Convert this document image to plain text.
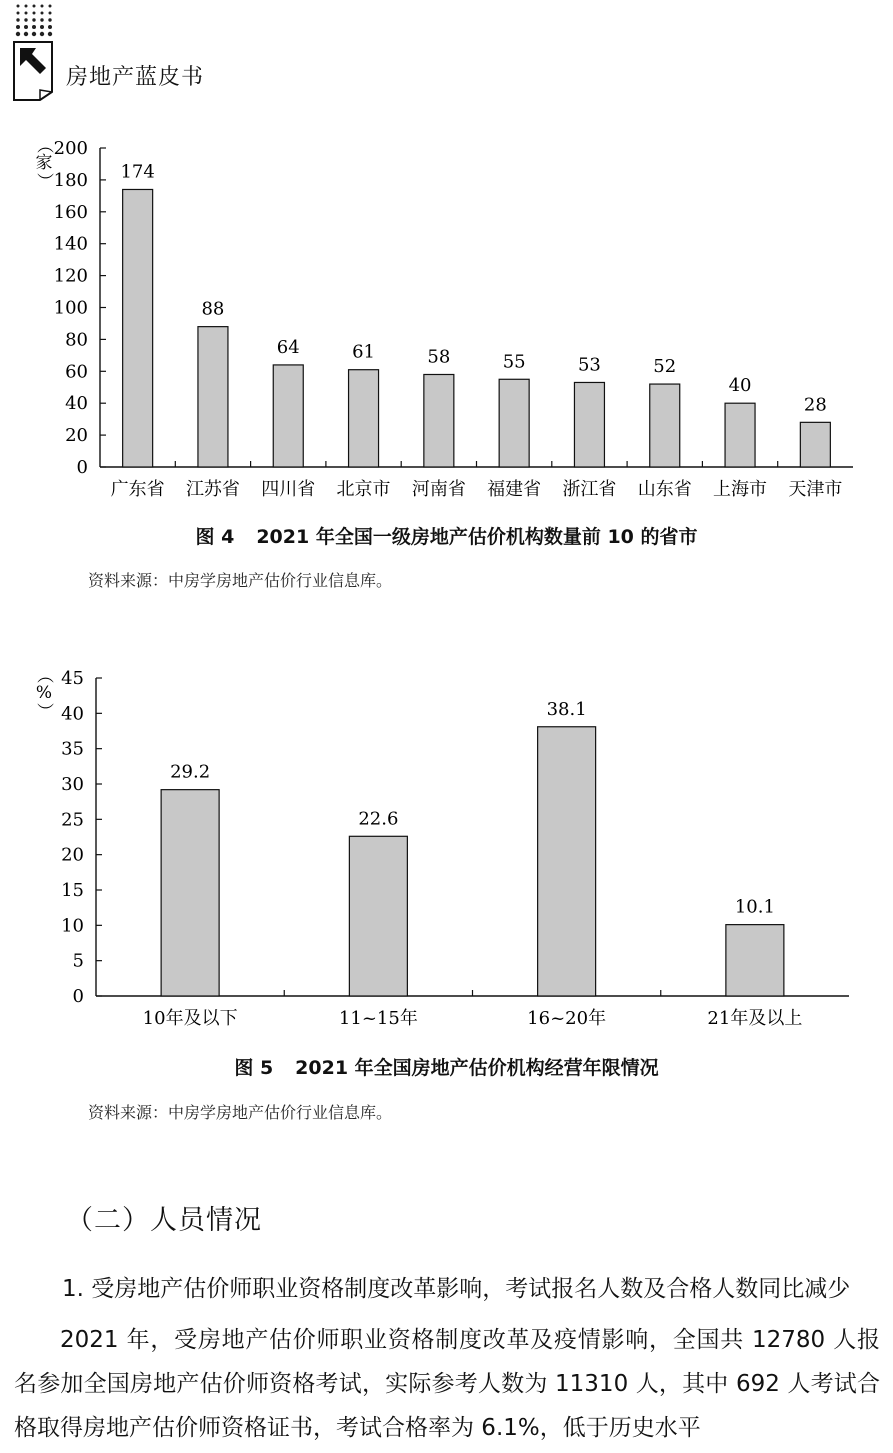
房地产蓝皮书
0
20
40
60
80
100
120
140
160
180
200
174
广东省
88
江苏省
64
四川省
61
北京市
58
河南省
55
福建省
53
浙江省
52
山东省
40
上海市
28
天津市
（
家
）
图 4 2021 年全国一级房地产估价机构数量前 10 的省市
资料来源：中房学房地产估价行业信息库。
0
5
10
15
20
25
30
35
40
45
29.2
10年及以下
22.6
11~15年
38.1
16~20年
10.1
21年及以上
（
%
）
图 5 2021 年全国房地产估价机构经营年限情况
资料来源：中房学房地产估价行业信息库。
（二）人员情况
1. 受房地产估价师职业资格制度改革影响，考试报名人数及合格人数同比减少
2021 年，受房地产估价师职业资格制度改革及疫情影响，全国共 12780 人报名参加全国房地产估价师资格考试，实际参考人数为 11310 人，其中 692 人考试合格取得房地产估价师资格证书，考试合格率为 6.1%，低于历史水平
